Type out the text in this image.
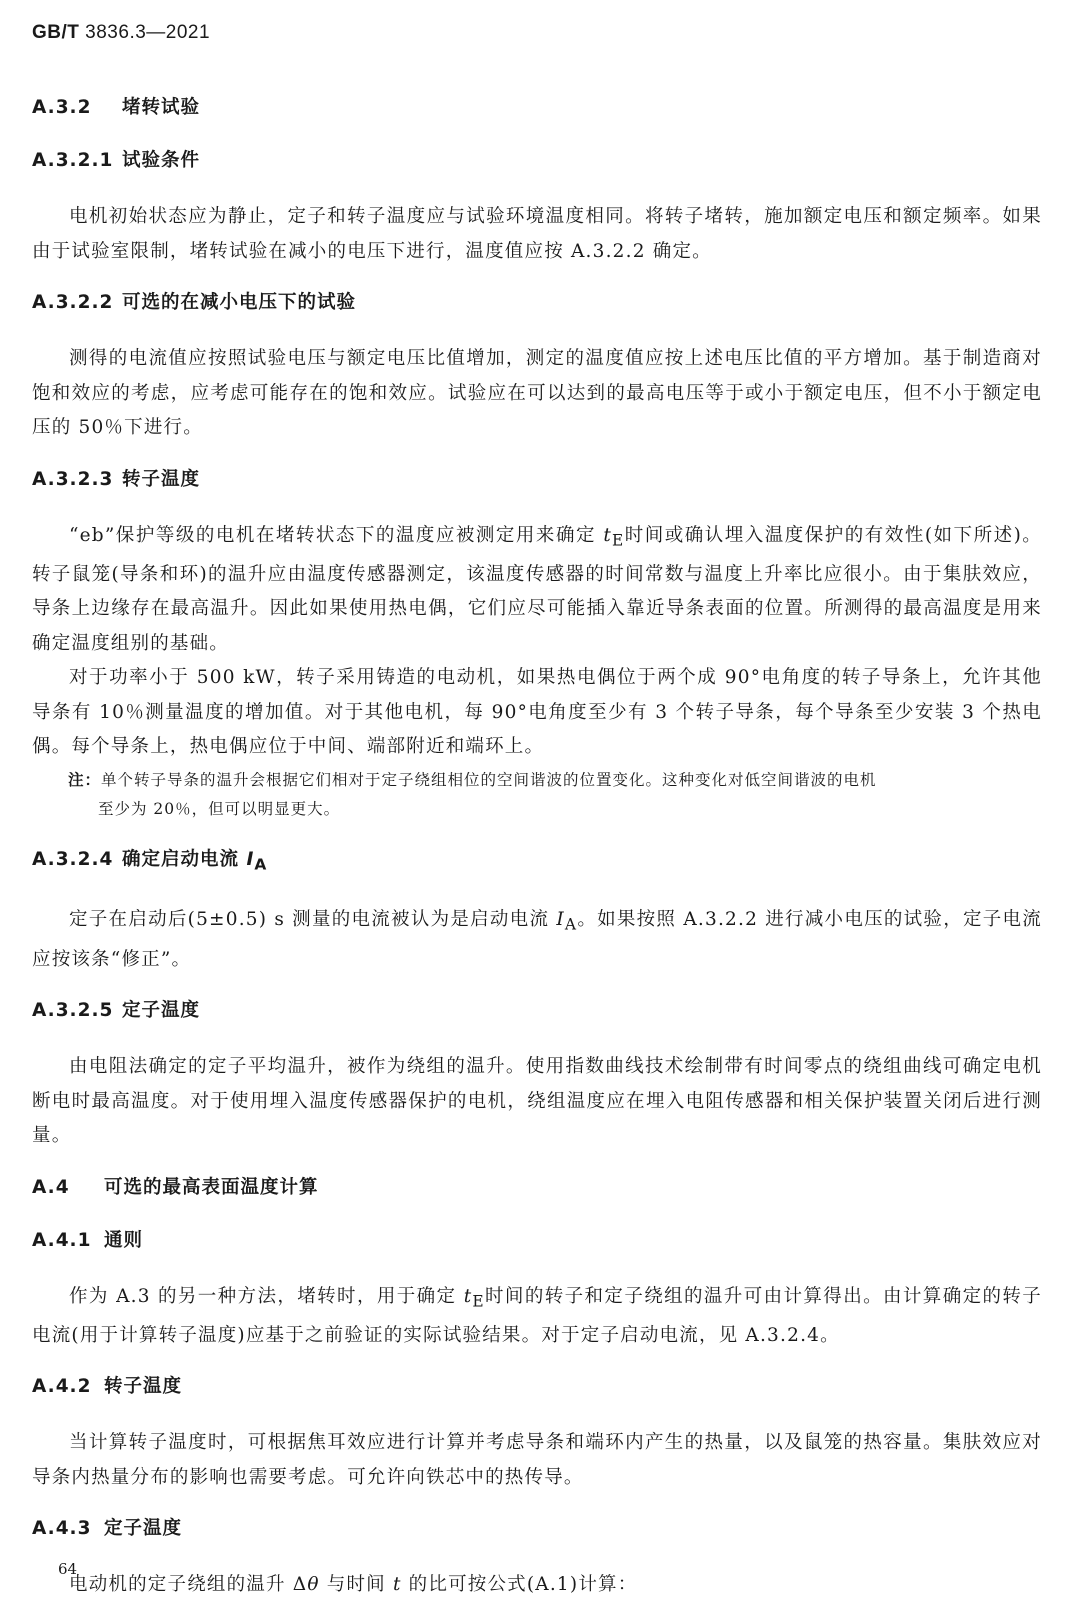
GB/T 3836.3—2021
A.3.2 堵转试验
A.3.2.1 试验条件

电机初始状态应为静止，定子和转子温度应与试验环境温度相同。将转子堵转，施加额定电压和额定频率。如果由于试验室限制，堵转试验在减小的电压下进行，温度值应按 A.3.2.2 确定。

A.3.2.2 可选的在减小电压下的试验

测得的电流值应按照试验电压与额定电压比值增加，测定的温度值应按上述电压比值的平方增加。基于制造商对饱和效应的考虑，应考虑可能存在的饱和效应。试验应在可以达到的最高电压等于或小于额定电压，但不小于额定电压的 50％下进行。

A.3.2.3 转子温度

“eb”保护等级的电机在堵转状态下的温度应被测定用来确定 $t_E$时间或确认埋入温度保护的有效性(如下所述)。转子鼠笼(导条和环)的温升应由温度传感器测定，该温度传感器的时间常数与温度上升率比应很小。由于集肤效应，导条上边缘存在最高温升。因此如果使用热电偶，它们应尽可能插入靠近导条表面的位置。所测得的最高温度是用来确定温度组别的基础。

对于功率小于 500 kW，转子采用铸造的电动机，如果热电偶位于两个成 90°电角度的转子导条上，允许其他导条有 10％测量温度的增加值。对于其他电机，每 90°电角度至少有 3 个转子导条，每个导条至少安装 3 个热电偶。每个导条上，热电偶应位于中间、端部附近和端环上。

注：单个转子导条的温升会根据它们相对于定子绕组相位的空间谐波的位置变化。这种变化对低空间谐波的电机
至少为 20％，但可以明显更大。
A.3.2.4 确定启动电流 $I_A$

定子在启动后(5±0.5) s 测量的电流被认为是启动电流 $I_A$。如果按照 A.3.2.2 进行减小电压的试验，定子电流应按该条“修正”。

A.3.2.5 定子温度

由电阻法确定的定子平均温升，被作为绕组的温升。使用指数曲线技术绘制带有时间零点的绕组曲线可确定电机断电时最高温度。对于使用埋入温度传感器保护的电机，绕组温度应在埋入电阻传感器和相关保护装置关闭后进行测量。

A.4 可选的最高表面温度计算
A.4.1 通则

作为 A.3 的另一种方法，堵转时，用于确定 $t_E$时间的转子和定子绕组的温升可由计算得出。由计算确定的转子电流(用于计算转子温度)应基于之前验证的实际试验结果。对于定子启动电流，见 A.3.2.4。

A.4.2 转子温度

当计算转子温度时，可根据焦耳效应进行计算并考虑导条和端环内产生的热量，以及鼠笼的热容量。集肤效应对导条内热量分布的影响也需要考虑。可允许向铁芯中的热传导。

A.4.3 定子温度

电动机的定子绕组的温升 Δθ 与时间 t 的比可按公式(A.1)计算：

64
